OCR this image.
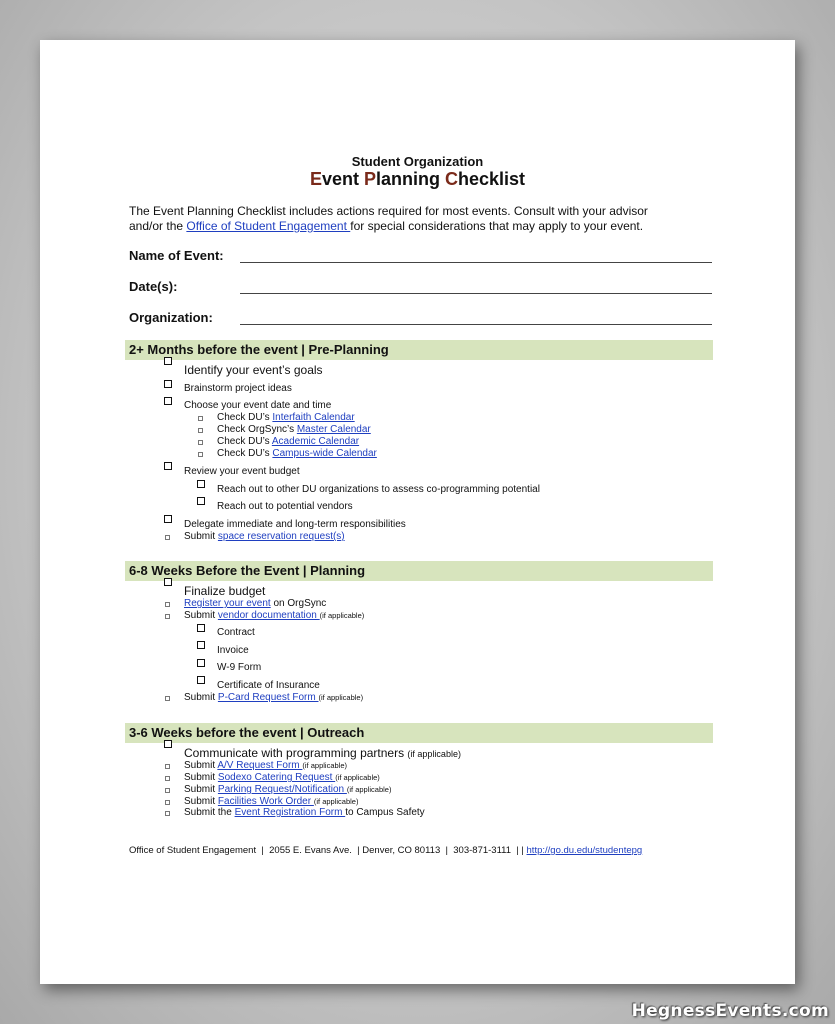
Student Organization
Event Planning Checklist
The Event Planning Checklist includes actions required for most events. Consult with your advisor
and/or the Office of Student Engagement for special considerations that may apply to your event.
Name of Event:
Date(s):
Organization:
2+ Months before the event | Pre-Planning
Identify your event’s goals
Brainstorm project ideas
Choose your event date and time
Check DU’s Interfaith Calendar
Check OrgSync’s Master Calendar
Check DU’s Academic Calendar
Check DU’s Campus-wide Calendar
Review your event budget
Reach out to other DU organizations to assess co-programming potential
Reach out to potential vendors
Delegate immediate and long-term responsibilities
Submit space reservation request(s)
6-8 Weeks Before the Event | Planning
Finalize budget
Register your event on OrgSync
Submit vendor documentation (if applicable)
Contract
Invoice
W-9 Form
Certificate of Insurance
Submit P-Card Request Form (if applicable)
3-6 Weeks before the event | Outreach
Communicate with programming partners (if applicable)
Submit A/V Request Form (if applicable)
Submit Sodexo Catering Request (if applicable)
Submit Parking Request/Notification (if applicable)
Submit Facilities Work Order (if applicable)
Submit the Event Registration Form to Campus Safety
Office of Student Engagement  |  2055 E. Evans Ave.  | Denver, CO 80113  |  303-871-3111  | | http://go.du.edu/studentepg
HegnessEvents.com
